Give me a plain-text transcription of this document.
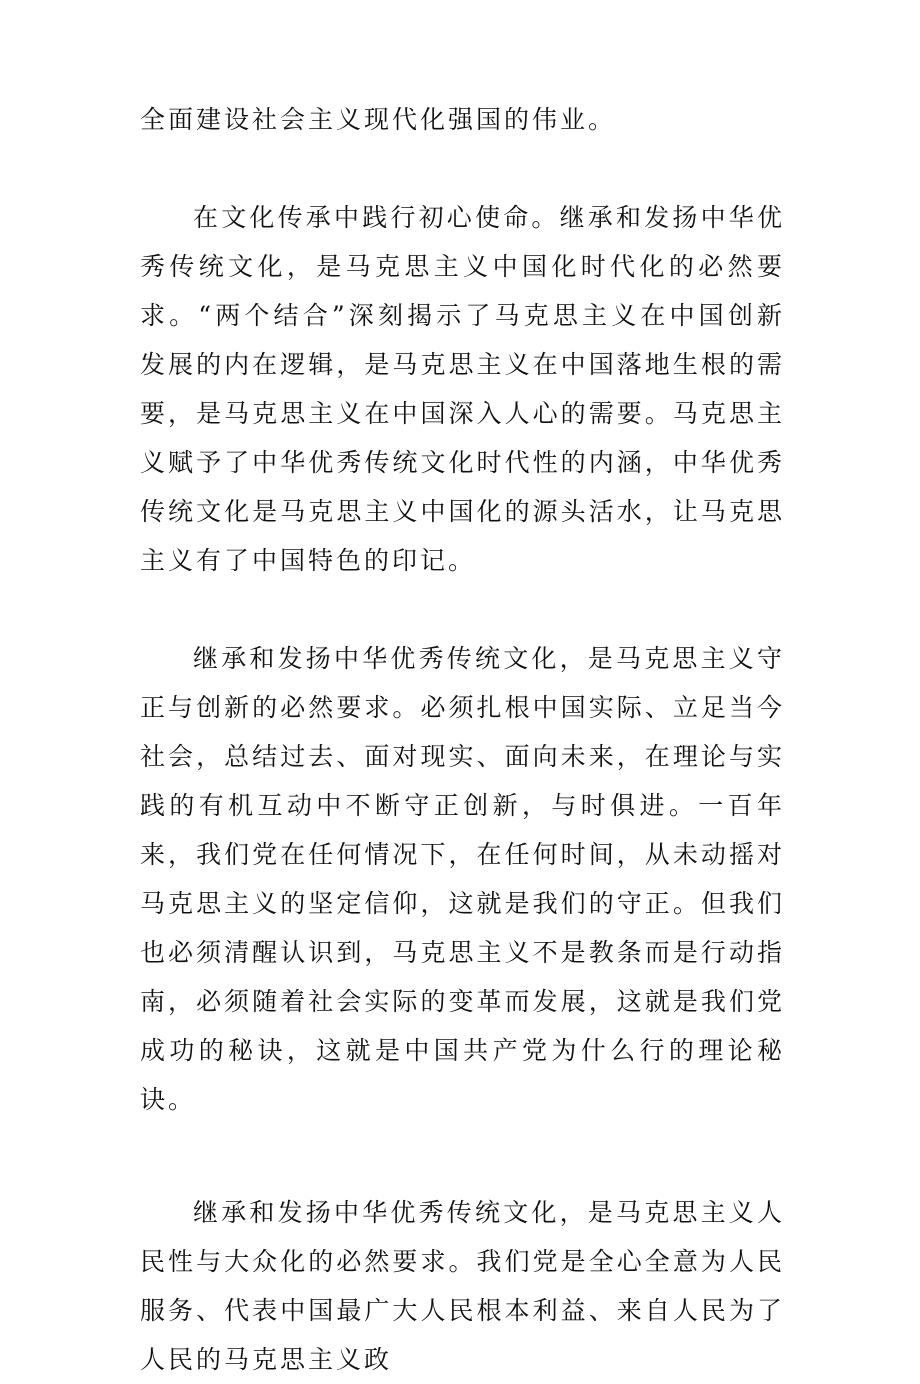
全面建设社会主义现代化强国的伟业。

在文化传承中践行初心使命。继承和发扬中华优秀传统文化，是马克思主义中国化时代化的必然要求。“两个结合”深刻揭示了马克思主义在中国创新发展的内在逻辑，是马克思主义在中国落地生根的需要，是马克思主义在中国深入人心的需要。马克思主义赋予了中华优秀传统文化时代性的内涵，中华优秀传统文化是马克思主义中国化的源头活水，让马克思主义有了中国特色的印记。

继承和发扬中华优秀传统文化，是马克思主义守正与创新的必然要求。必须扎根中国实际、立足当今社会，总结过去、面对现实、面向未来，在理论与实践的有机互动中不断守正创新，与时俱进。一百年来，我们党在任何情况下，在任何时间，从未动摇对马克思主义的坚定信仰，这就是我们的守正。但我们也必须清醒认识到，马克思主义不是教条而是行动指南，必须随着社会实际的变革而发展，这就是我们党成功的秘诀，这就是中国共产党为什么行的理论秘诀。

继承和发扬中华优秀传统文化，是马克思主义人民性与大众化的必然要求。我们党是全心全意为人民服务、代表中国最广大人民根本利益、来自人民为了人民的马克思主义政
